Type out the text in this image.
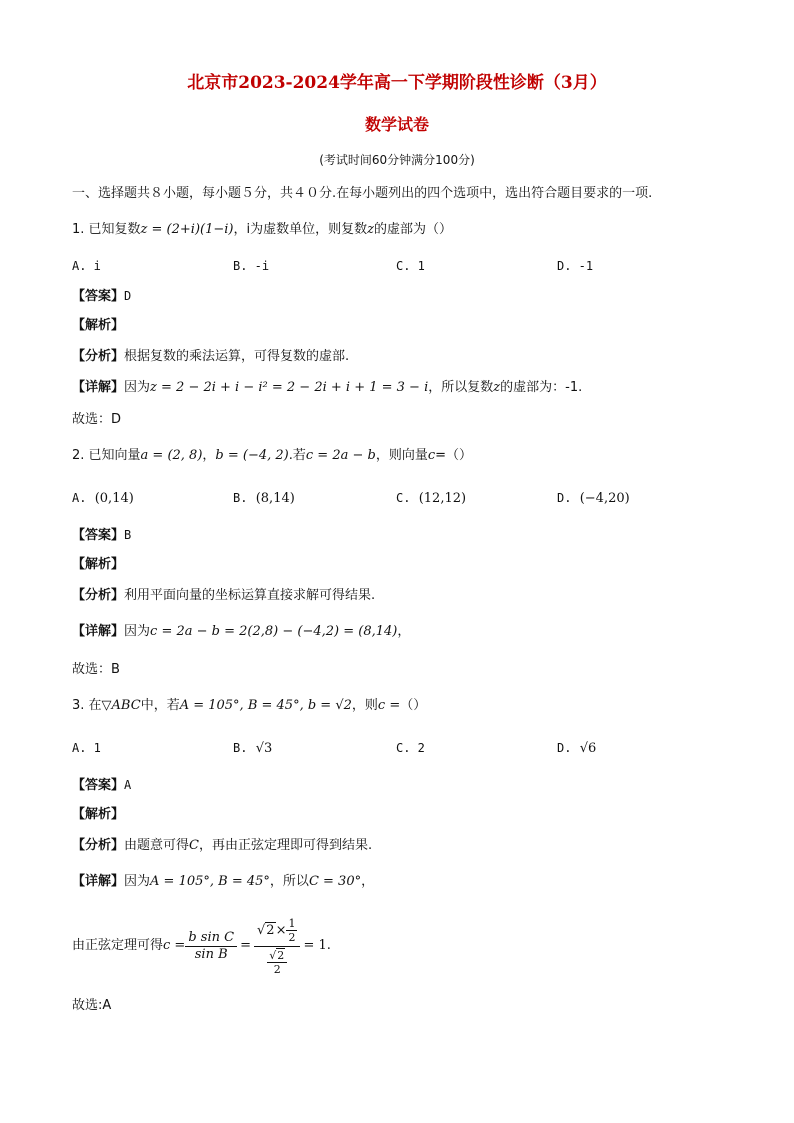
北京市2023-2024学年高一下学期阶段性诊断（3月）
数学试卷
(考试时间60分钟满分100分)
一、选择题共８小题，每小题５分，共４０分.在每小题列出的四个选项中，选出符合题目要求的一项.
1. 已知复数z = (2+i)(1−i)，i为虚数单位，则复数z的虚部为（）
A. i	B. -i	C. 1	D. -1
【答案】D
【解析】
【分析】根据复数的乘法运算，可得复数的虚部.
【详解】因为z = 2 − 2i + i − i² = 2 − 2i + i + 1 = 3 − i，所以复数z的虚部为：-1.
故选：D
2. 已知向量a = (2, 8)，b = (−4, 2).若c = 2a − b，则向量c=（）
A. (0,14)	B. (8,14)	C. (12,12)	D. (−4,20)
【答案】B
【解析】
【分析】利用平面向量的坐标运算直接求解可得结果.
【详解】因为c = 2a − b = 2(2,8) − (−4,2) = (8,14)，
故选：B
3. 在▽ABC中，若A = 105°, B = 45°, b = √2，则c =（）
A. 1	B. √3	C. 2	D. √6
【答案】A
【解析】
【分析】由题意可得C，再由正弦定理即可得到结果.
【详解】因为A = 105°, B = 45°，所以C = 30°，
由正弦定理可得 $c = \frac{\text{b sin C}}{\text{sin B}} = \frac{√2\times \frac{1}{2}}{\frac{√2}{2}} = 1$.
故选:A
